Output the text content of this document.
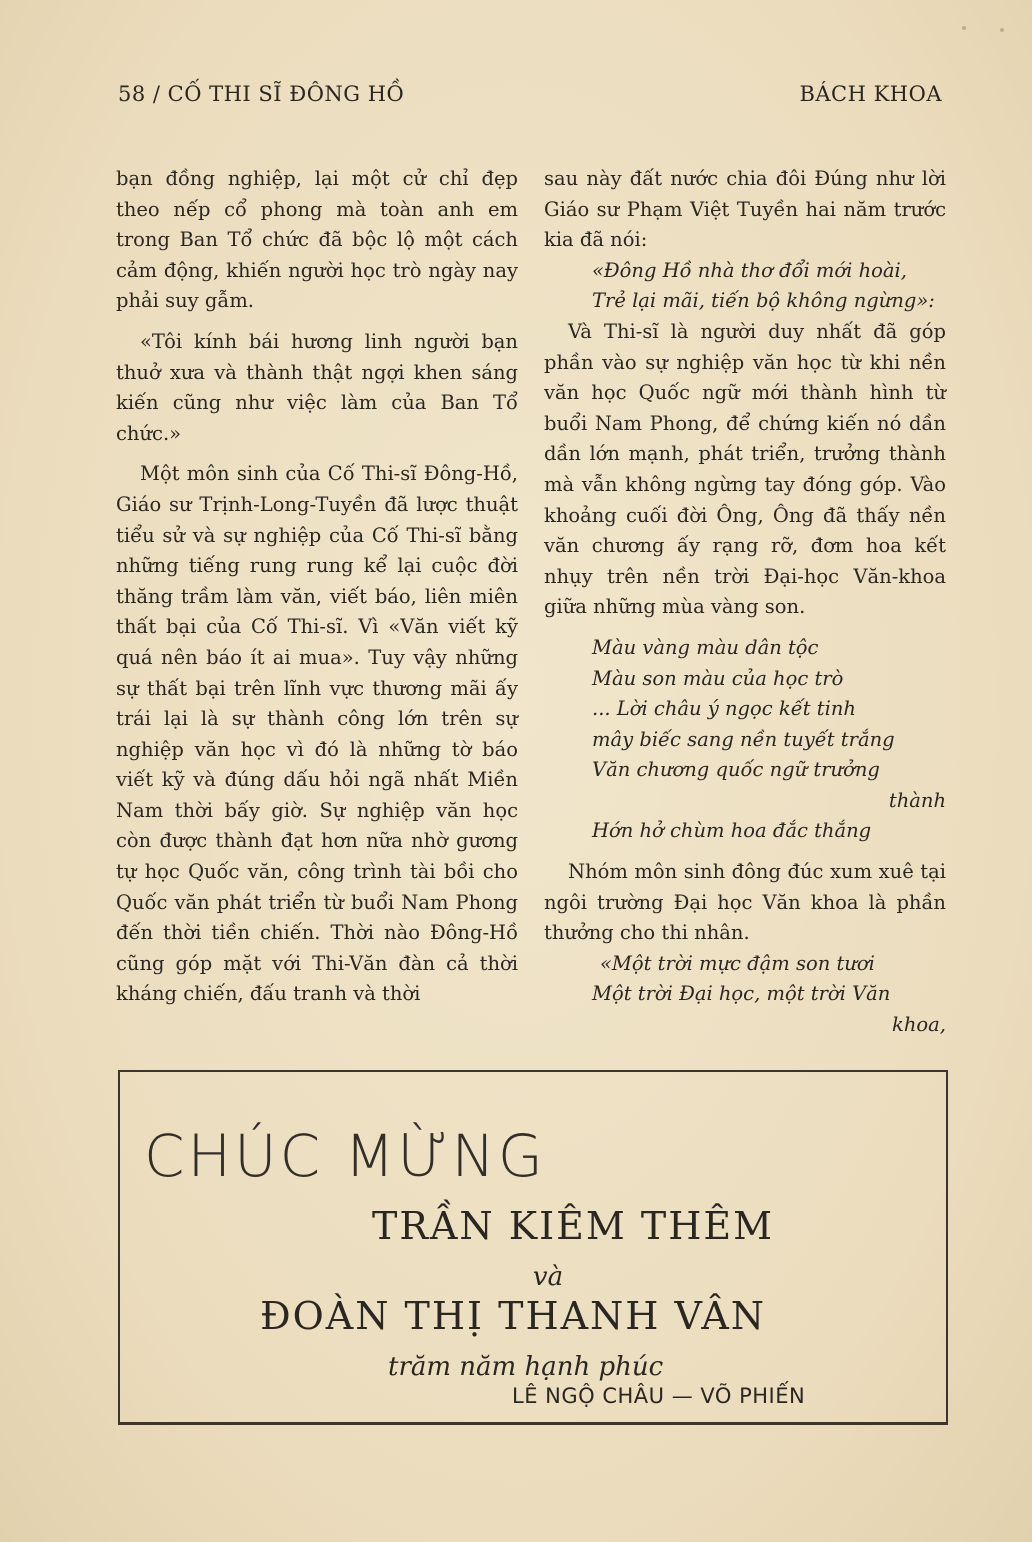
58 / CỐ THI SĨ ĐÔNG HỒ	BÁCH KHOA

bạn đồng nghiệp, lại một cử chỉ đẹp theo nếp cổ phong mà toàn anh em trong Ban Tổ chức đã bộc lộ một cách cảm động, khiến người học trò ngày nay phải suy gẫm.

«Tôi kính bái hương linh người bạn thuở xưa và thành thật ngợi khen sáng kiến cũng như việc làm của Ban Tổ chức.»

Một môn sinh của Cố Thi-sĩ Đông-Hồ, Giáo sư Trịnh-Long-Tuyền đã lược thuật tiểu sử và sự nghiệp của Cố Thi-sĩ bằng những tiếng rung rung kể lại cuộc đời thăng trầm làm văn, viết báo, liên miên thất bại của Cố Thi-sĩ. Vì «Văn viết kỹ quá nên báo ít ai mua». Tuy vậy những sự thất bại trên lĩnh vực thương mãi ấy trái lại là sự thành công lớn trên sự nghiệp văn học vì đó là những tờ báo viết kỹ và đúng dấu hỏi ngã nhất Miền Nam thời bấy giờ. Sự nghiệp văn học còn được thành đạt hơn nữa nhờ gương tự học Quốc văn, công trình tài bồi cho Quốc văn phát triển từ buổi Nam Phong đến thời tiền chiến. Thời nào Đông-Hồ cũng góp mặt với Thi-Văn đàn cả thời kháng chiến, đấu tranh và thời

sau này đất nước chia đôi Đúng như lời Giáo sư Phạm Việt Tuyền hai năm trước kia đã nói:

«Đông Hồ nhà thơ đổi mới hoài,

Trẻ lại mãi, tiến bộ không ngừng»:

Và Thi-sĩ là người duy nhất đã góp phần vào sự nghiệp văn học từ khi nền văn học Quốc ngữ mới thành hình từ buổi Nam Phong, để chứng kiến nó dần dần lớn mạnh, phát triển, trưởng thành mà vẫn không ngừng tay đóng góp. Vào khoảng cuối đời Ông, Ông đã thấy nền văn chương ấy rạng rỡ, đơm hoa kết nhụy trên nền trời Đại-học Văn-khoa giữa những mùa vàng son.

Màu vàng màu dân tộc

Màu son màu của học trò

... Lời châu ý ngọc kết tinh

mây biếc sang nền tuyết trắng

Văn chương quốc ngữ trưởng

thành

Hớn hở chùm hoa đắc thắng

Nhóm môn sinh đông đúc xum xuê tại ngôi trường Đại học Văn khoa là phần thưởng cho thi nhân.

«Một trời mực đậm son tươi

Một trời Đại học, một trời Văn

khoa,

CHÚC MỪNG
TRẦN KIÊM THÊM
và
ĐOÀN THỊ THANH VÂN
trăm năm hạnh phúc
LÊ NGỘ CHÂU — VÕ PHIẾN
